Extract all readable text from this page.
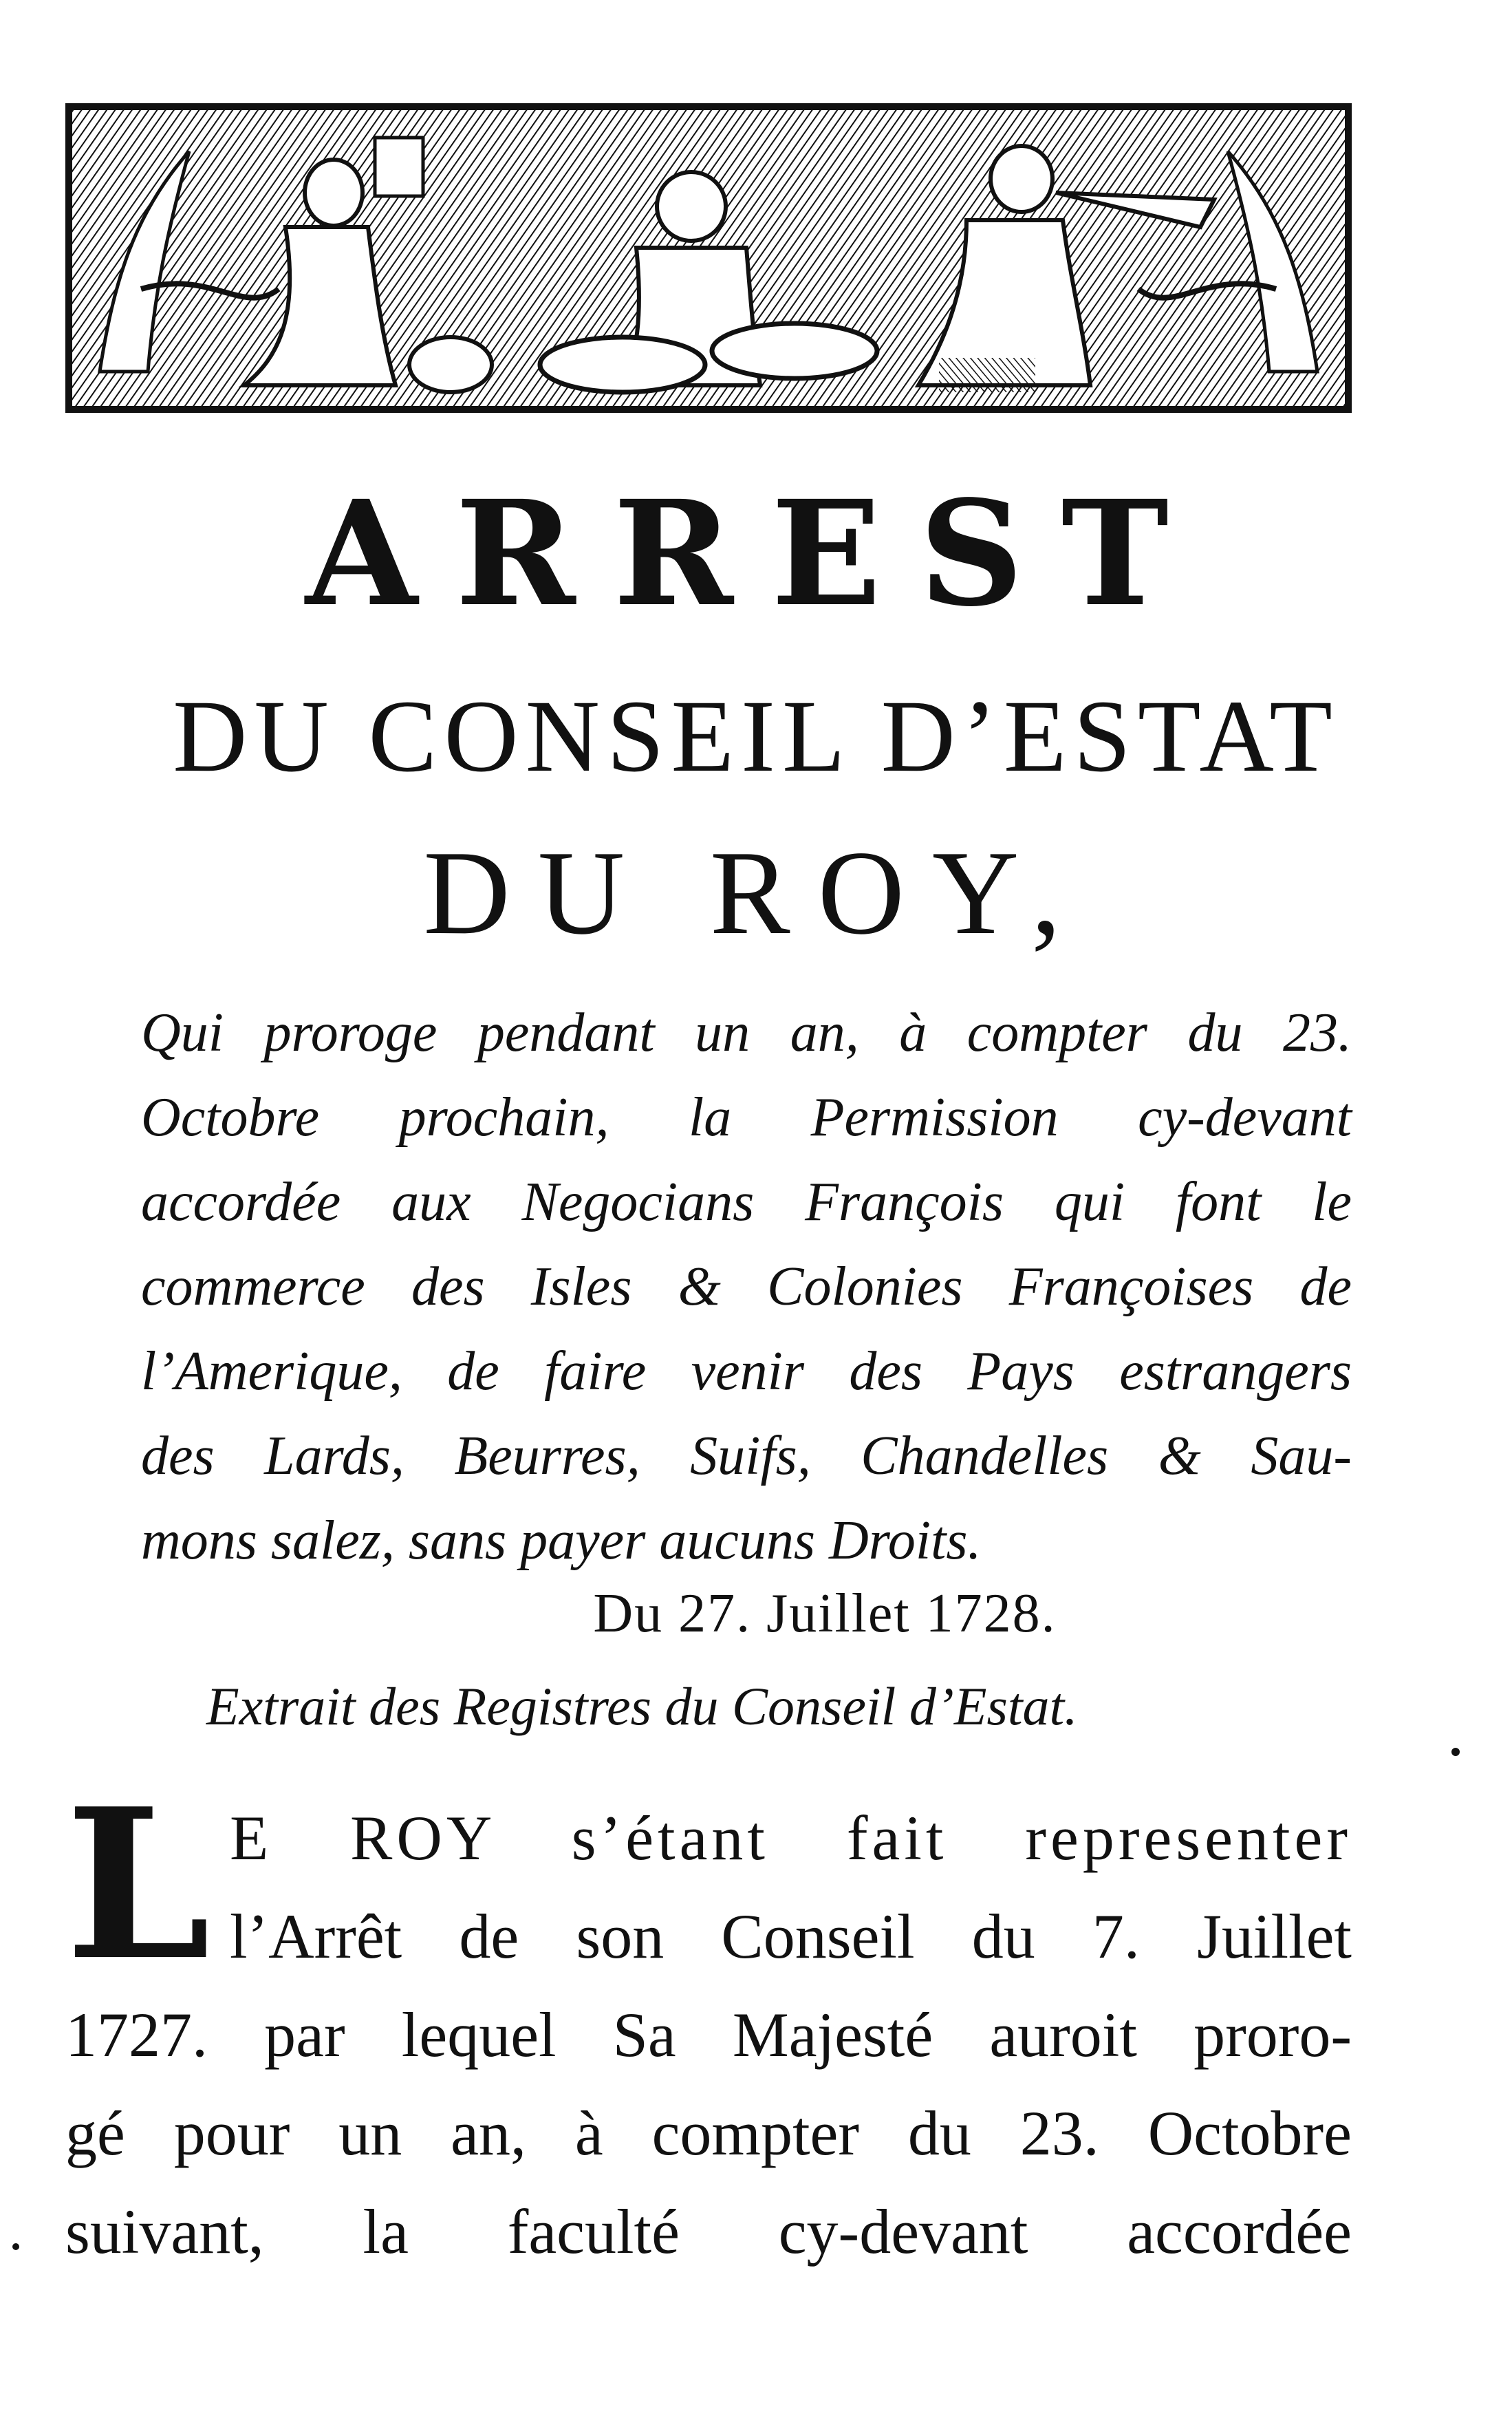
ARREST
DU CONSEIL D’ESTAT
DU ROY,
Qui proroge pendant un an, à compter du 23.
Octobre prochain, la Permission cy-devant
accordée aux Negocians François qui font le
commerce des Isles & Colonies Françoises de
l’Amerique, de faire venir des Pays estrangers
des Lards, Beurres, Suifs, Chandelles & Sau-
mons salez, sans payer aucuns Droits.
Du 27. Juillet 1728.
Extrait des Registres du Conseil d’Estat.
L E ROY s’étant fait representer
l’Arrêt de son Conseil du 7. Juillet
1727. par lequel Sa Majesté auroit proro-
gé pour un an, à compter du 23. Octobre
suivant, la faculté cy-devant accordée
